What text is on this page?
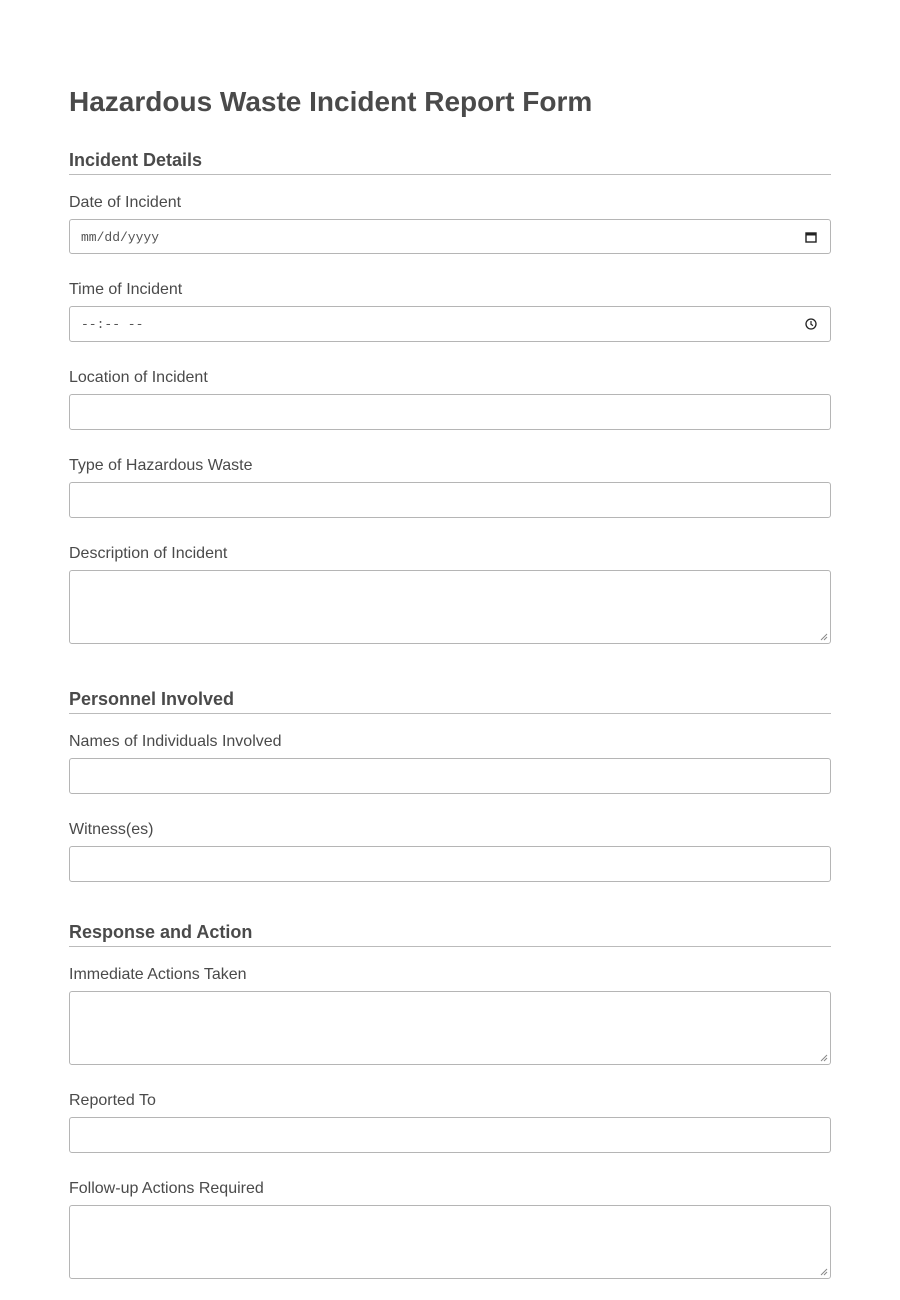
Hazardous Waste Incident Report Form
Incident Details
Date of Incident
mm/dd/yyyy
Time of Incident
--:-- --
Location of Incident
Type of Hazardous Waste
Description of Incident
Personnel Involved
Names of Individuals Involved
Witness(es)
Response and Action
Immediate Actions Taken
Reported To
Follow-up Actions Required
